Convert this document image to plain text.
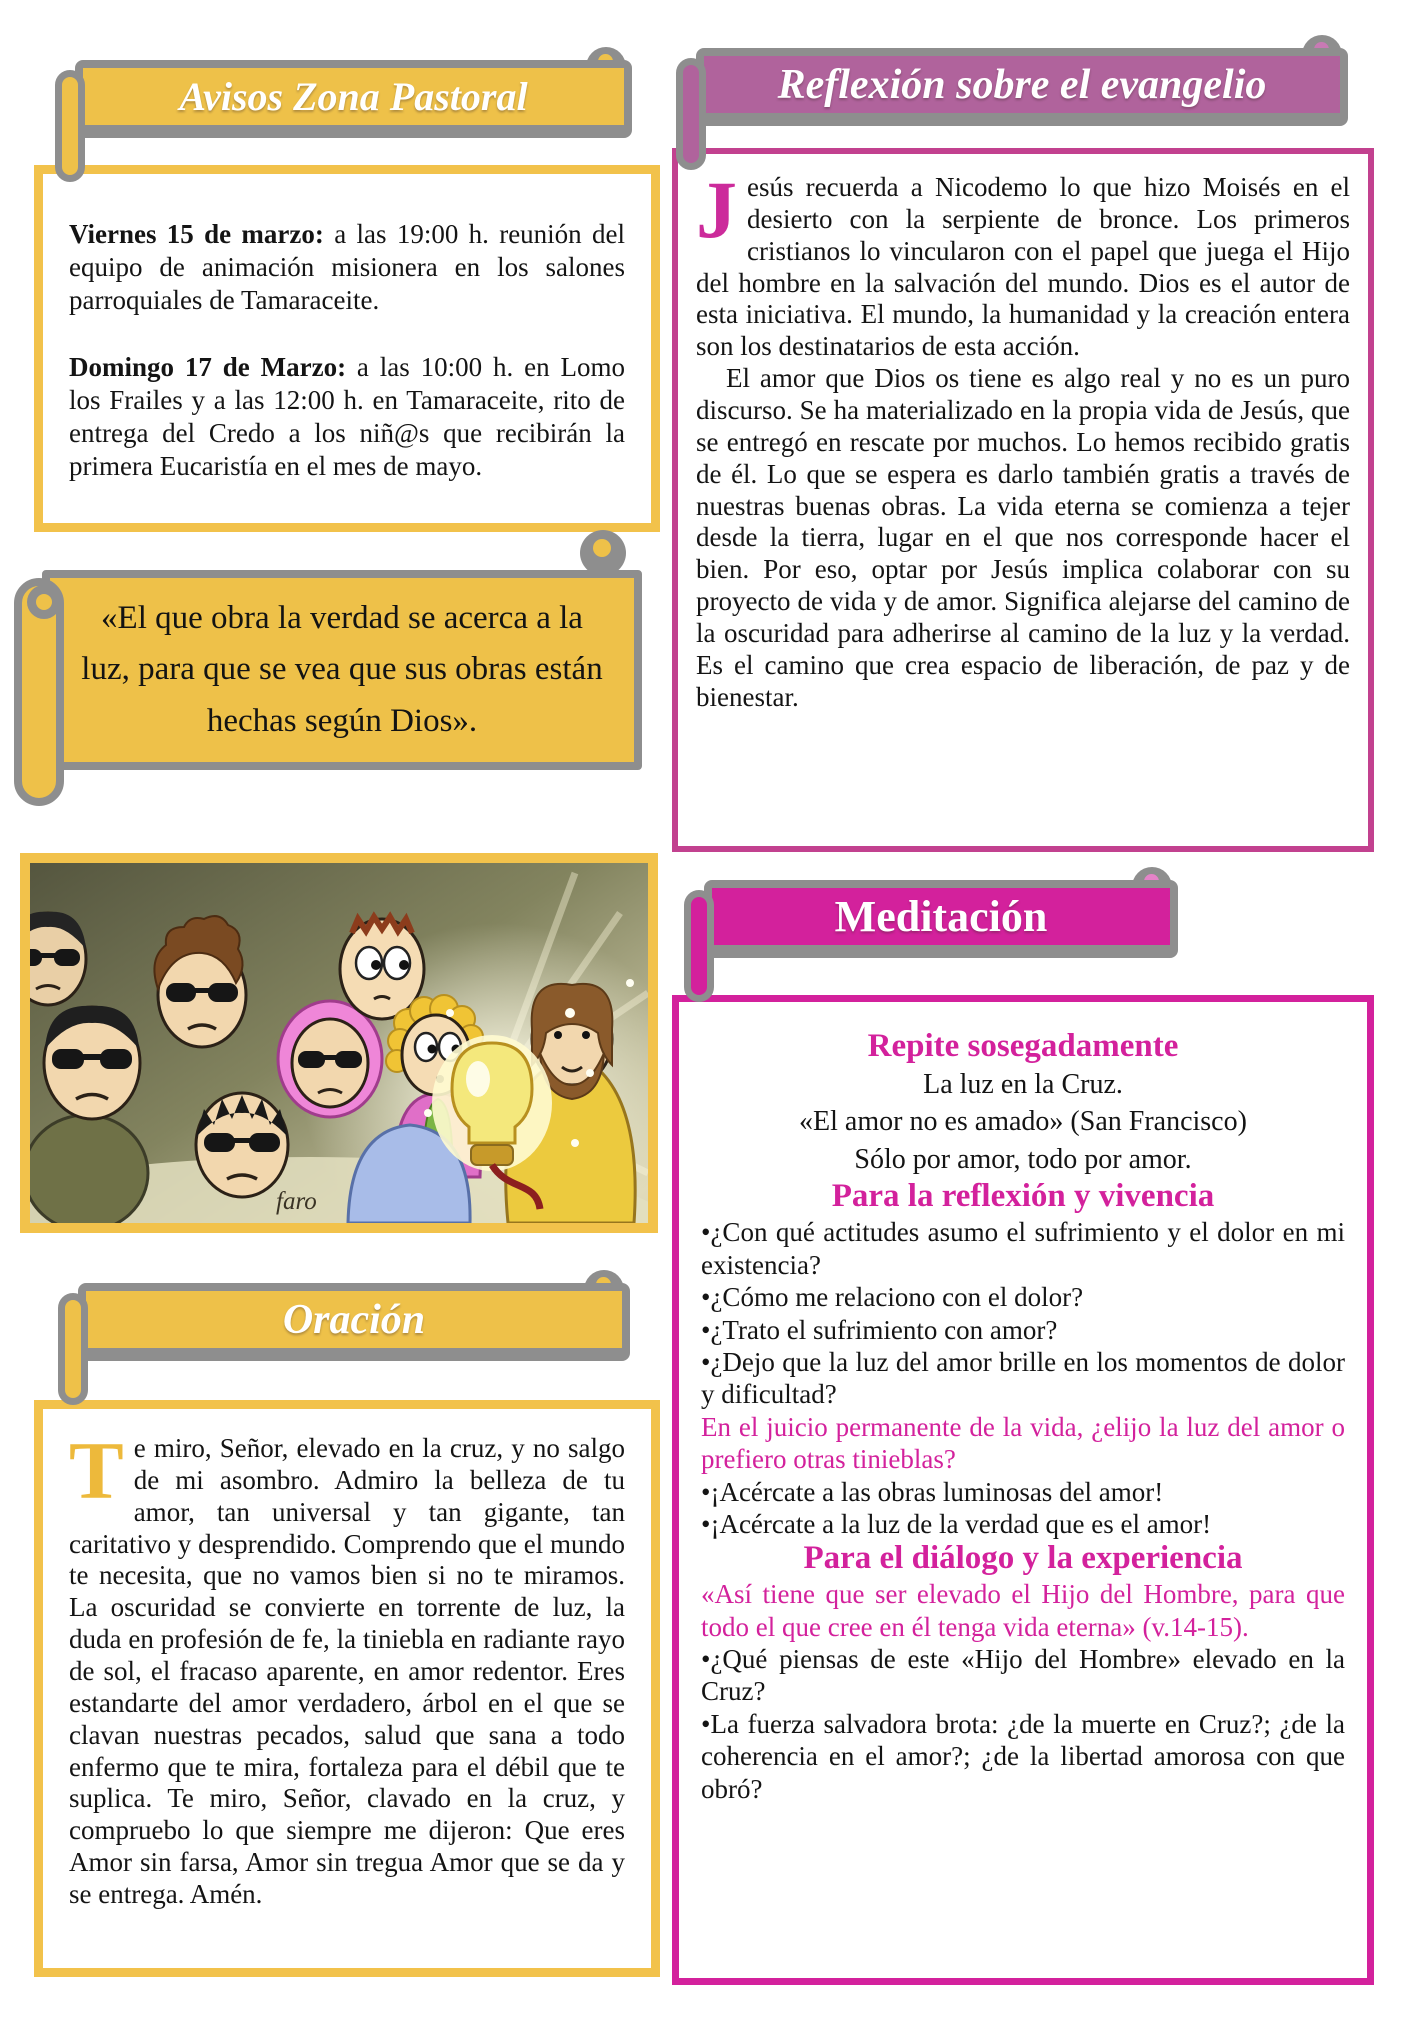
Avisos Zona Pastoral

Viernes 15 de marzo: a las 19:00 h. reunión del equipo de animación misionera en los salones parroquiales de Tamaraceite.

Domingo 17 de Marzo: a las 10:00 h. en Lomo los Frailes y a las 12:00 h. en Tamaraceite, rito de entrega del Credo a los niñ@s que recibirán la primera Eucaristía en el mes de mayo.

«El que obra la verdad se acerca a la luz, para que se vea que sus obras están hechas según Dios».

faro
Oración

Te miro, Señor, elevado en la cruz, y no salgo de mi asombro. Admiro la belleza de tu amor, tan universal y tan gigante, tan caritativo y desprendido. Comprendo que el mundo te necesita, que no vamos bien si no te miramos. La oscuridad se convierte en torrente de luz, la duda en profesión de fe, la tiniebla en radiante rayo de sol, el fracaso aparente, en amor redentor. Eres estandarte del amor verdadero, árbol en el que se clavan nuestras pecados, salud que sana a todo enfermo que te mira, fortaleza para el débil que te suplica. Te miro, Señor, clavado en la cruz, y compruebo lo que siempre me dijeron: Que eres Amor sin farsa, Amor sin tregua Amor que se da y se entrega. Amén.

Reflexión sobre el evangelio

Jesús recuerda a Nicodemo lo que hizo Moisés en el desierto con la serpiente de bronce. Los primeros cristianos lo vincularon con el papel que juega el Hijo del hombre en la salvación del mundo. Dios es el autor de esta iniciativa. El mundo, la humanidad y la creación entera son los destinatarios de esta acción.

El amor que Dios os tiene es algo real y no es un puro discurso. Se ha materializado en la propia vida de Jesús, que se entregó en rescate por muchos. Lo hemos recibido gratis de él. Lo que se espera es darlo también gratis a través de nuestras buenas obras. La vida eterna se comienza a tejer desde la tierra, lugar en el que nos corresponde hacer el bien. Por eso, optar por Jesús implica colaborar con su proyecto de vida y de amor. Significa alejarse del camino de la oscuridad para adherirse al camino de la luz y la verdad. Es el camino que crea espacio de liberación, de paz y de bienestar.

Meditación

Repite sosegadamente

La luz en la Cruz.
«El amor no es amado» (San Francisco)
Sólo por amor, todo por amor.

Para la reflexión y vivencia

• ¿Con qué actitudes asumo el sufrimiento y el dolor en mi existencia?

• ¿Cómo me relaciono con el dolor?

• ¿Trato el sufrimiento con amor?

• ¿Dejo que la luz del amor brille en los momentos de dolor y dificultad?

En el juicio permanente de la vida, ¿elijo la luz del amor o prefiero otras tinieblas?

• ¡Acércate a las obras luminosas del amor!

• ¡Acércate a la luz de la verdad que es el amor!

Para el diálogo y la experiencia

«Así tiene que ser elevado el Hijo del Hombre, para que todo el que cree en él tenga vida eterna» (v.14-15).

• ¿Qué piensas de este «Hijo del Hombre» elevado en la Cruz?

• La fuerza salvadora brota: ¿de la muerte en Cruz?; ¿de la coherencia en el amor?; ¿de la libertad amorosa con que obró?
